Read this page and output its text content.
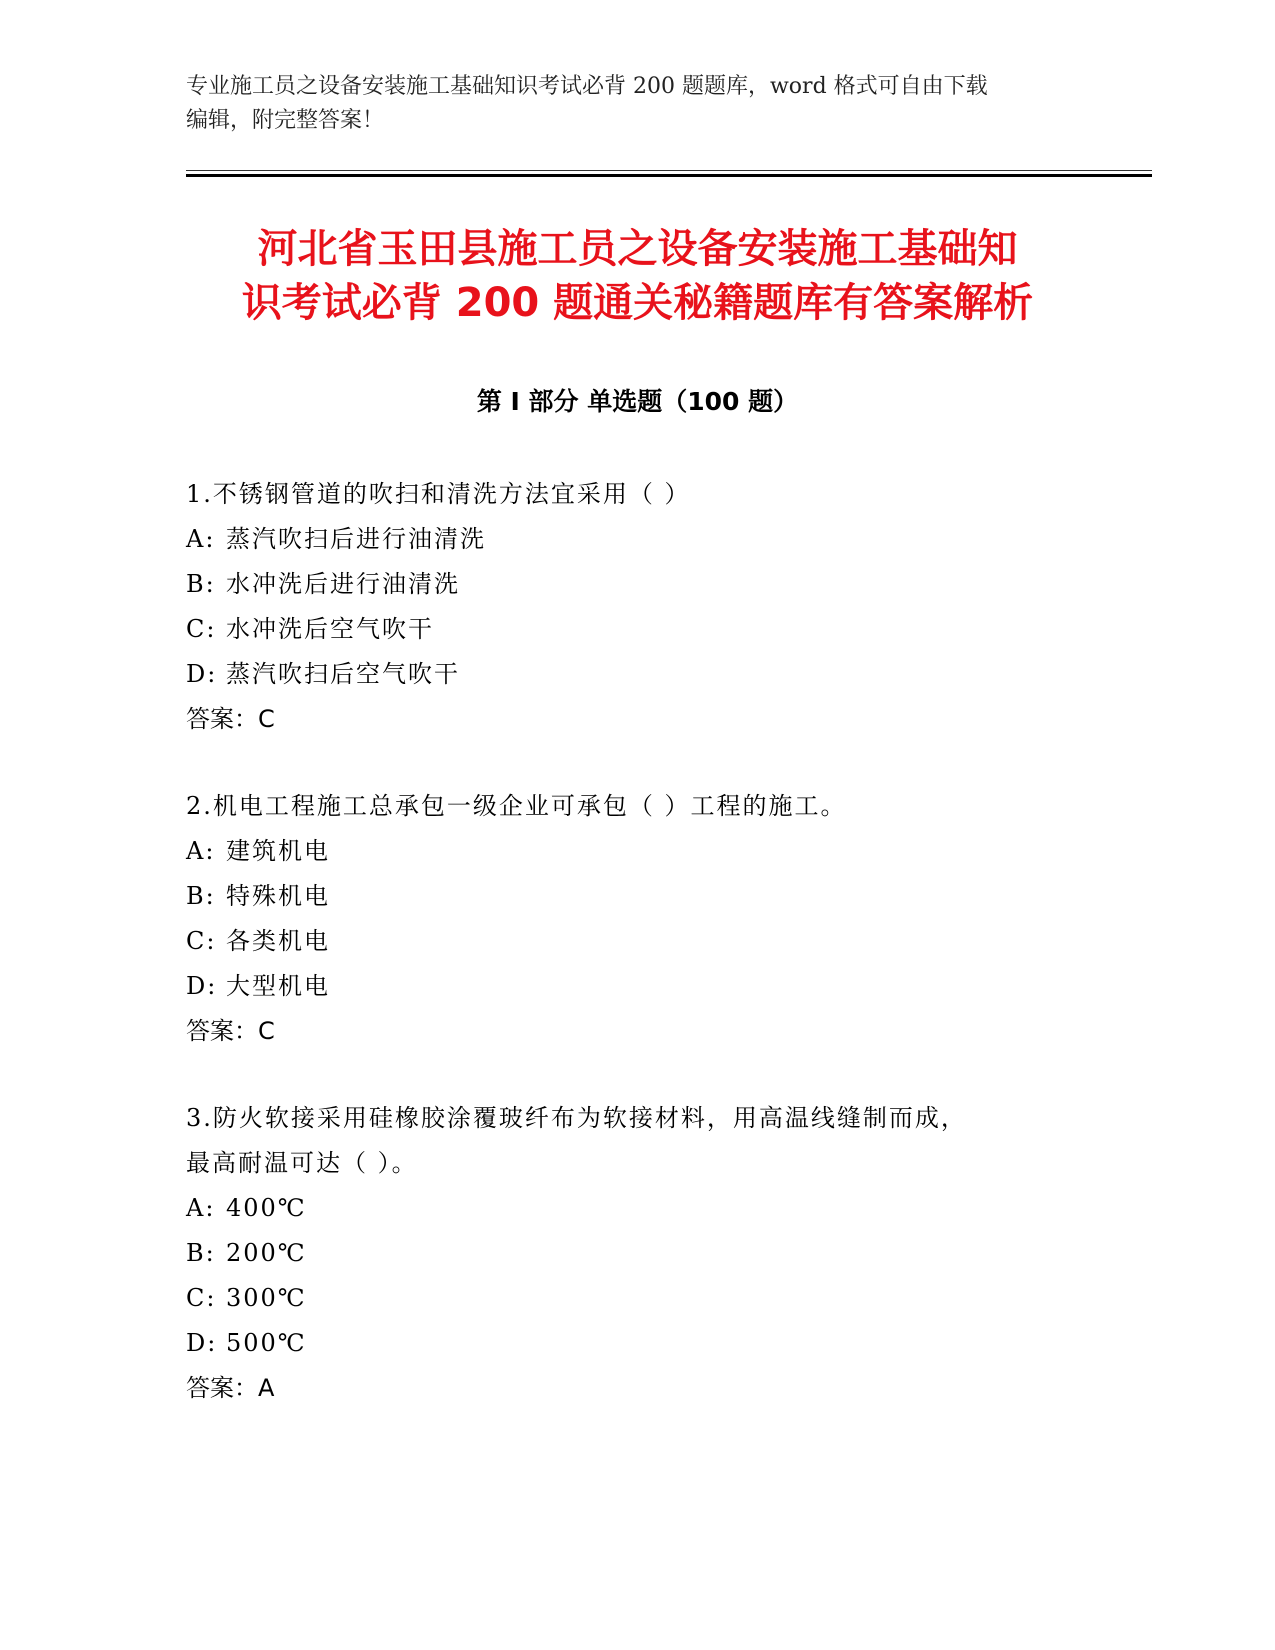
专业施工员之设备安装施工基础知识考试必背 200 题题库，word 格式可自由下载
编辑，附完整答案！
河北省玉田县施工员之设备安装施工基础知
识考试必背 200 题通关秘籍题库有答案解析
第 I 部分 单选题（100 题）

1.不锈钢管道的吹扫和清洗方法宜采用（ ）

A: 蒸汽吹扫后进行油清洗
B: 水冲洗后进行油清洗
C: 水冲洗后空气吹干
D: 蒸汽吹扫后空气吹干
答案：C

2.机电工程施工总承包一级企业可承包（ ）工程的施工。

A: 建筑机电
B: 特殊机电
C: 各类机电
D: 大型机电
答案：C

3.防火软接采用硅橡胶涂覆玻纤布为软接材料，用高温线缝制而成，
最高耐温可达（ ）。

A: 400℃
B: 200℃
C: 300℃
D: 500℃
答案：A
